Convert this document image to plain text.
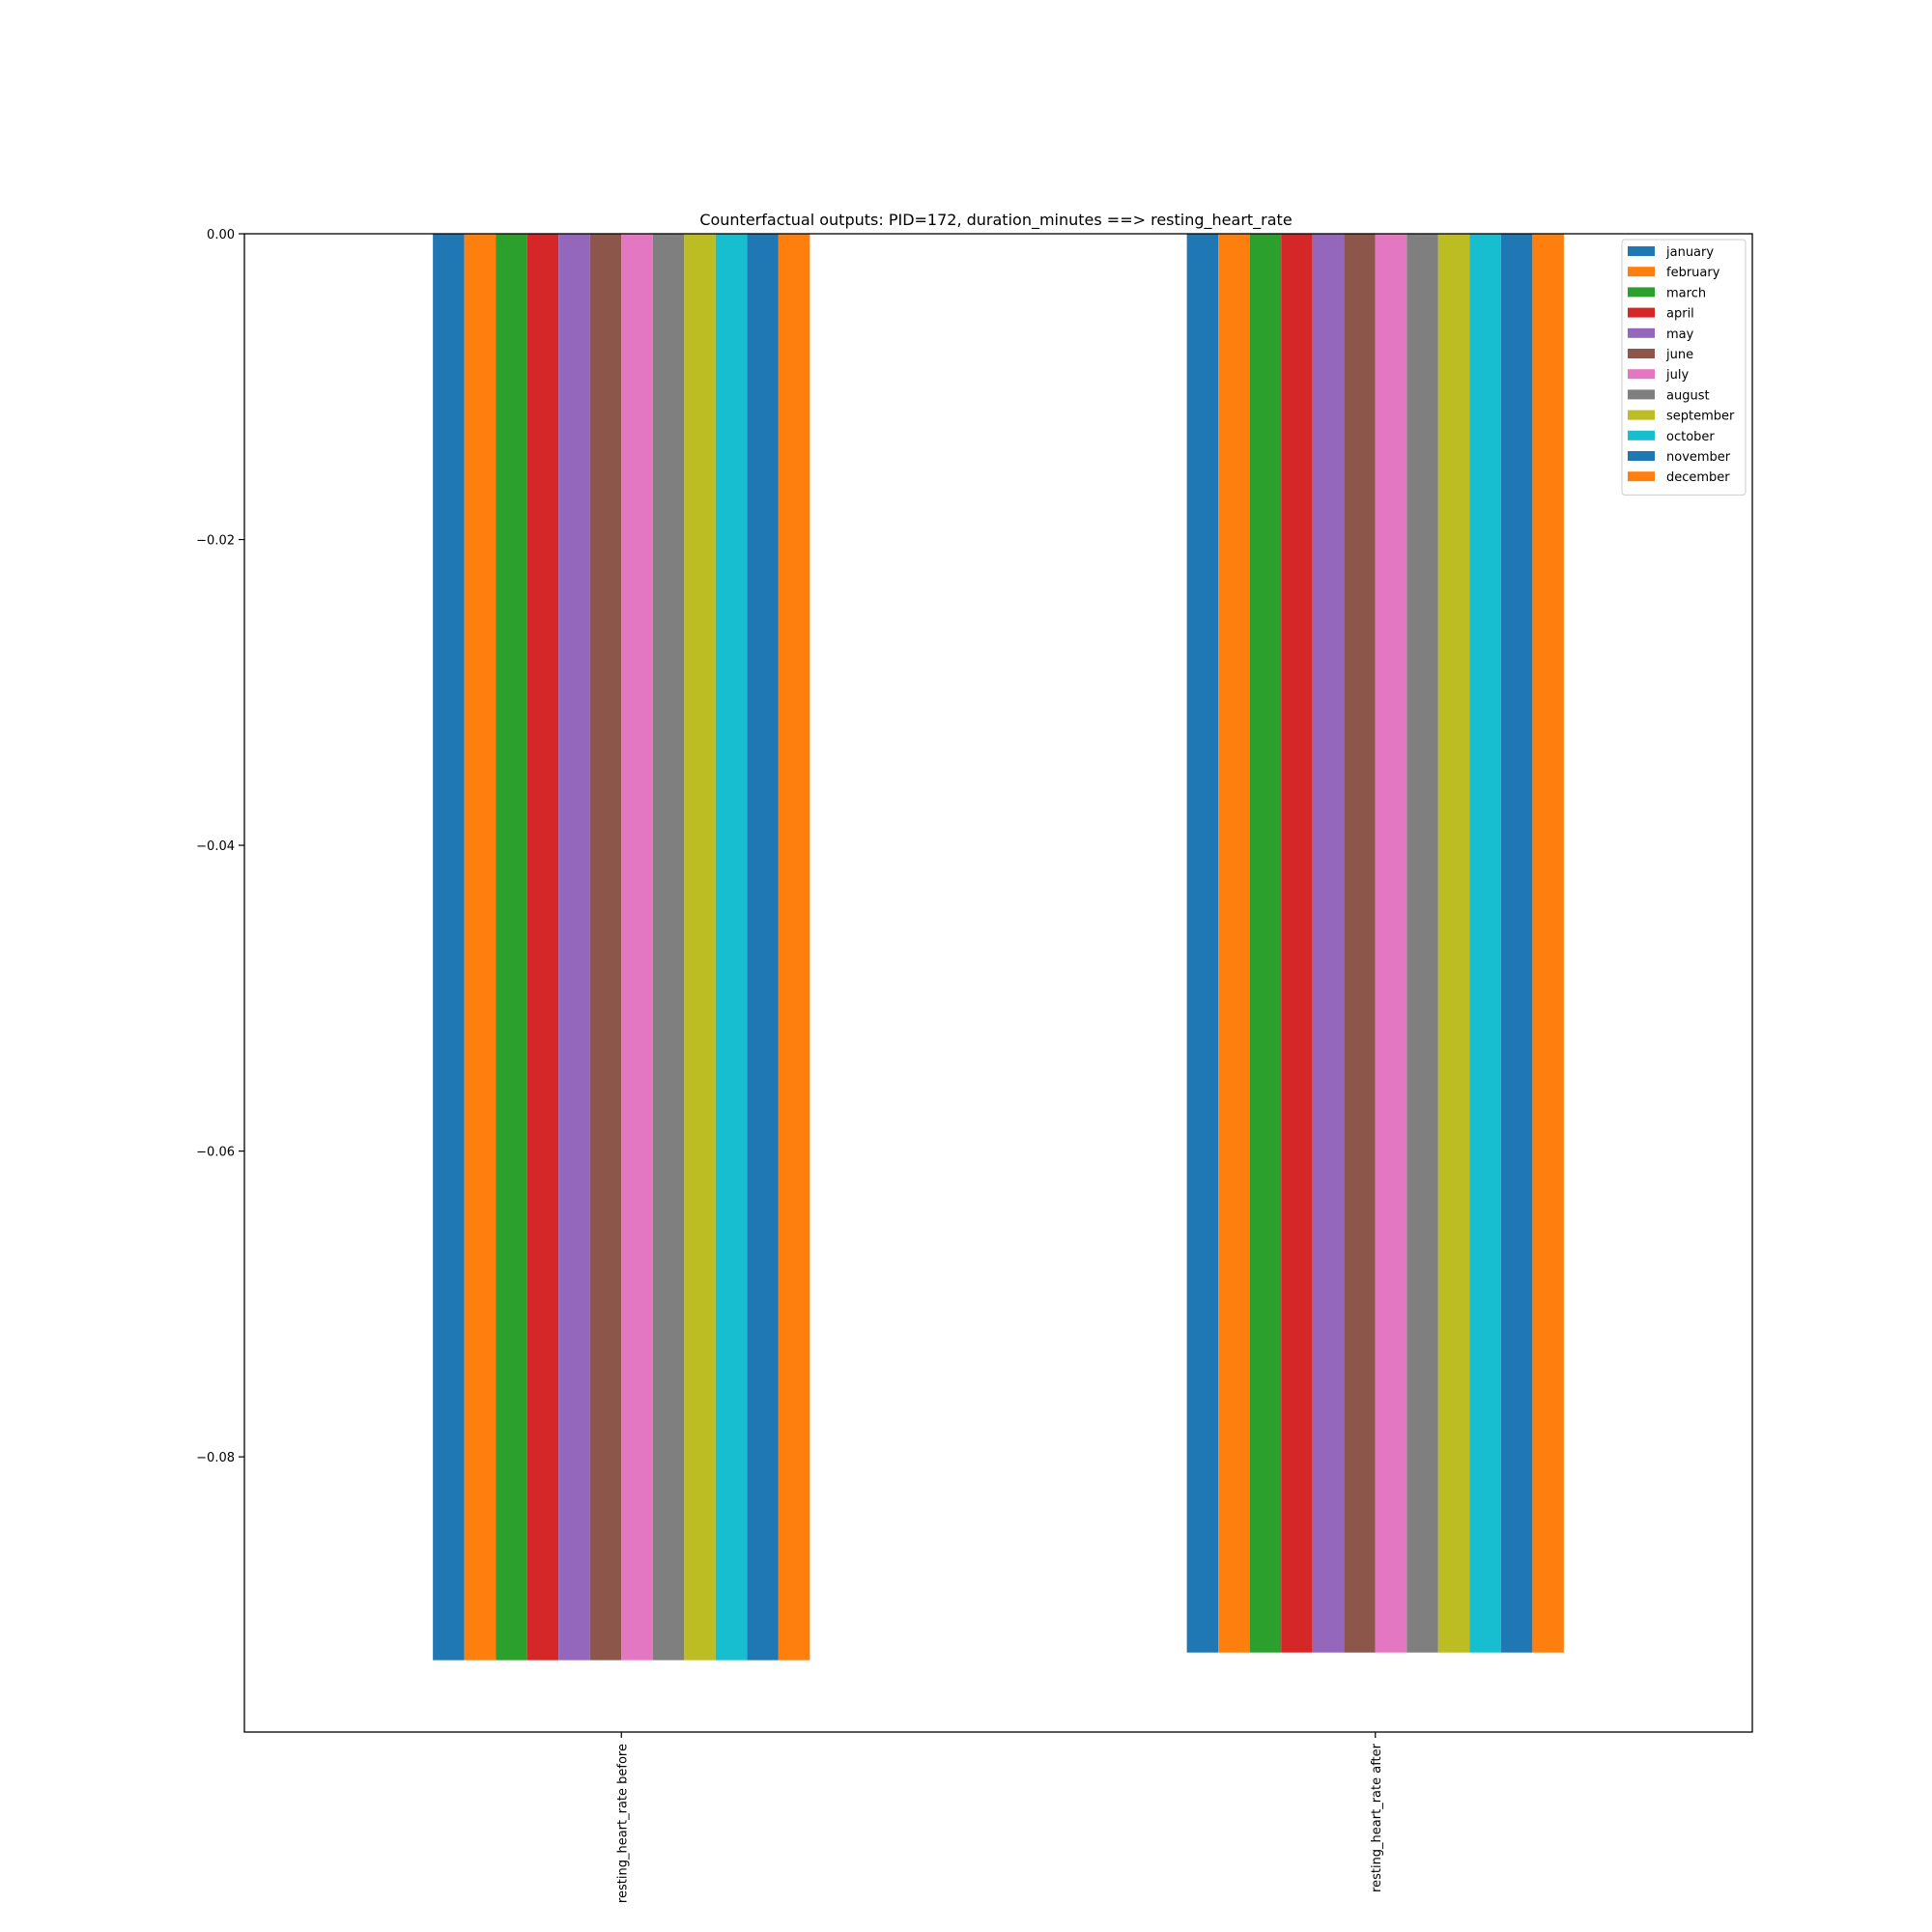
Counterfactual outputs: PID=172, duration_minutes ==> resting_heart_rate
0.00
−0.02
−0.04
−0.06
−0.08
resting_heart_rate before	resting_heart_rate after
january
february
march
april
may
june
july
august
september
october
november
december
